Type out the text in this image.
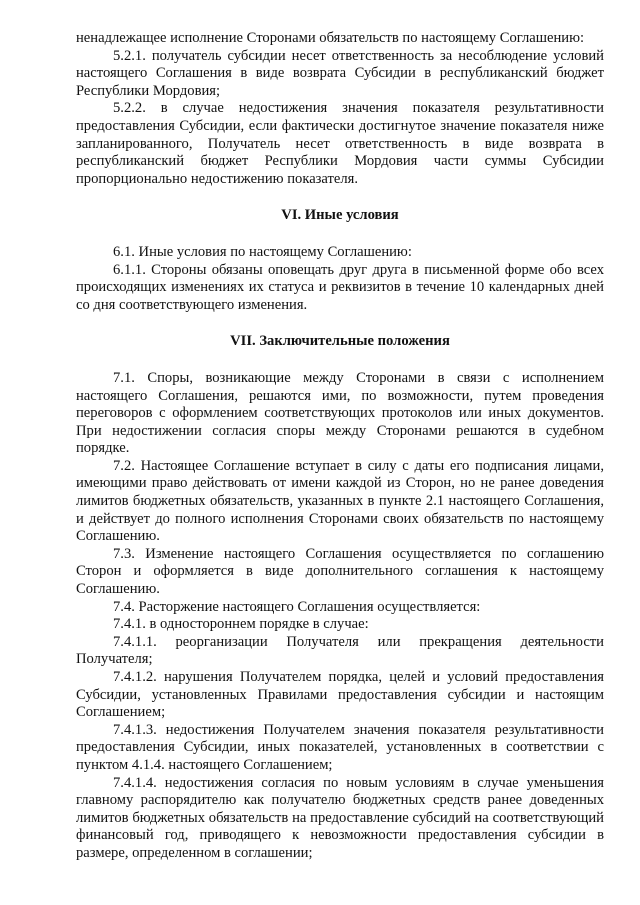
ненадлежащее исполнение Сторонами обязательств по настоящему Соглашению:

5.2.1. получатель субсидии несет ответственность за несоблюдение условий настоящего Соглашения в виде возврата Субсидии в республиканский бюджет Республики Мордовия;

5.2.2. в случае недостижения значения показателя результативности предоставления Субсидии, если фактически достигнутое значение показателя ниже запланированного, Получатель несет ответственность в виде возврата в республиканский бюджет Республики Мордовия части суммы Субсидии пропорционально недостижению показателя.

VI. Иные условия

6.1. Иные условия по настоящему Соглашению:

6.1.1. Стороны обязаны оповещать друг друга в письменной форме обо всех происходящих изменениях их статуса и реквизитов в течение 10 календарных дней со дня соответствующего изменения.

VII. Заключительные положения

7.1. Споры, возникающие между Сторонами в связи с исполнением настоящего Соглашения, решаются ими, по возможности, путем проведения переговоров с оформлением соответствующих протоколов или иных документов. При недостижении согласия споры между Сторонами решаются в судебном порядке.

7.2. Настоящее Соглашение вступает в силу с даты его подписания лицами, имеющими право действовать от имени каждой из Сторон, но не ранее доведения лимитов бюджетных обязательств, указанных в пункте 2.1 настоящего Соглашения, и действует до полного исполнения Сторонами своих обязательств по настоящему Соглашению.

7.3. Изменение настоящего Соглашения осуществляется по соглашению Сторон и оформляется в виде дополнительного соглашения к настоящему Соглашению.

7.4. Расторжение настоящего Соглашения осуществляется:

7.4.1. в одностороннем порядке в случае:

7.4.1.1. реорганизации Получателя или прекращения деятельности Получателя;

7.4.1.2. нарушения Получателем порядка, целей и условий предоставления Субсидии, установленных Правилами предоставления субсидии и настоящим Соглашением;

7.4.1.3. недостижения Получателем значения показателя результативности предоставления Субсидии, иных показателей, установленных в соответствии с пунктом 4.1.4. настоящего Соглашением;

7.4.1.4. недостижения согласия по новым условиям в случае уменьшения главному распорядителю как получателю бюджетных средств ранее доведенных лимитов бюджетных обязательств на предоставление субсидий на соответствующий финансовый год, приводящего к невозможности предоставления субсидии в размере, определенном в соглашении;
